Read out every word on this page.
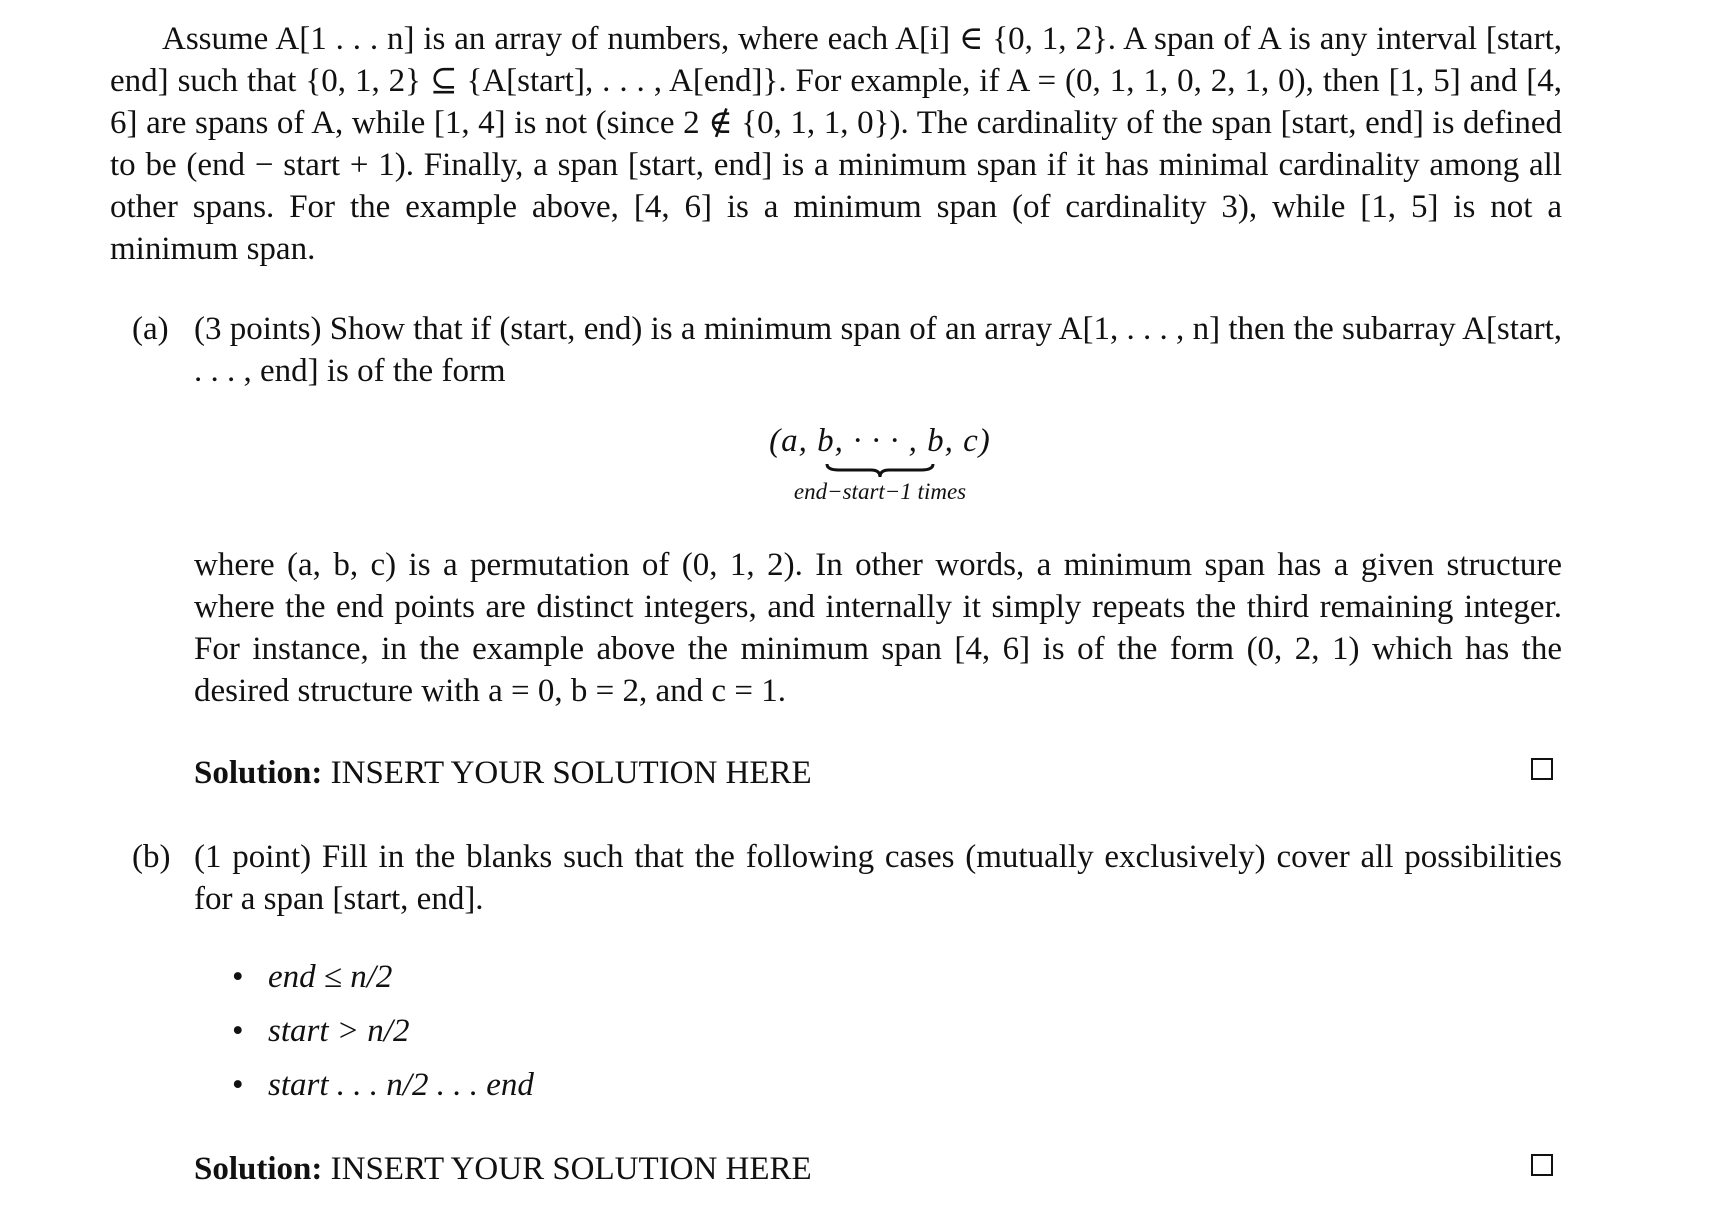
Assume A[1 . . . n] is an array of numbers, where each A[i] ∈ {0, 1, 2}. A span of A is any interval [start, end] such that {0, 1, 2} ⊆ {A[start], . . . , A[end]}. For example, if A = (0, 1, 1, 0, 2, 1, 0), then [1, 5] and [4, 6] are spans of A, while [1, 4] is not (since 2 ∉ {0, 1, 1, 0}). The cardinality of the span [start, end] is defined to be (end − start + 1). Finally, a span [start, end] is a minimum span if it has minimal cardinality among all other spans. For the example above, [4, 6] is a minimum span (of cardinality 3), while [1, 5] is not a minimum span.

(a) (3 points) Show that if (start, end) is a minimum span of an array A[1, . . . , n] then the subarray A[start, . . . , end] is of the form
(a, b, · · · , b, c)
end−start−1 times
where (a, b, c) is a permutation of (0, 1, 2). In other words, a minimum span has a given structure where the end points are distinct integers, and internally it simply repeats the third remaining integer. For instance, in the example above the minimum span [4, 6] is of the form (0, 2, 1) which has the desired structure with a = 0, b = 2, and c = 1.
Solution: INSERT YOUR SOLUTION HERE
(b) (1 point) Fill in the blanks such that the following cases (mutually exclusively) cover all possibilities for a span [start, end].
• end ≤ n/2
• start > n/2
• start . . . n/2 . . . end
Solution: INSERT YOUR SOLUTION HERE
